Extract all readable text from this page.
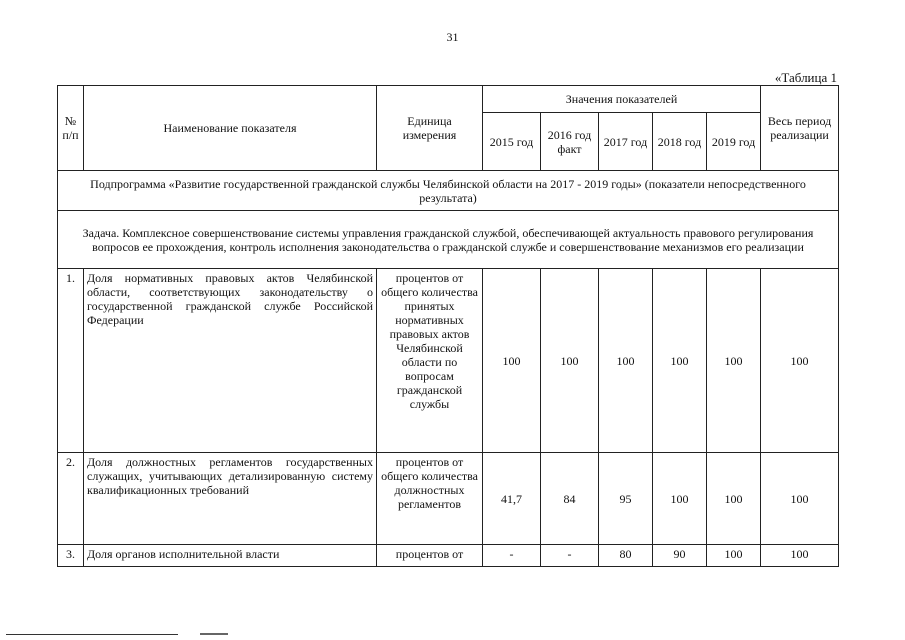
31
«Таблица 1
№ п/п	Наименование показателя	Единица измерения	Значения показателей					Весь период реализации
			2015 год	2016 год факт	2017 год	2018 год	2019 год	
Подпрограмма «Развитие государственной гражданской службы Челябинской области на 2017 - 2019 годы» (показатели непосредственного результата)								
Задача. Комплексное совершенствование системы управления гражданской службой, обеспечивающей актуальность правового регулирования вопросов ее прохождения, контроль исполнения законодательства о гражданской службе и совершенствование механизмов его реализации								
1.	Доля нормативных правовых актов Челябинской области, соответствующих законодательству о государственной гражданской службе Российской Федерации	процентов от общего количества принятых нормативных правовых актов Челябинской области по вопросам гражданской службы	100	100	100	100	100	100
2.	Доля должностных регламентов государственных служащих, учитывающих детализированную систему квалификационных требований	процентов от общего количества должностных регламентов	41,7	84	95	100	100	100
3.	Доля органов исполнительной власти	процентов от	-	-	80	90	100	100
